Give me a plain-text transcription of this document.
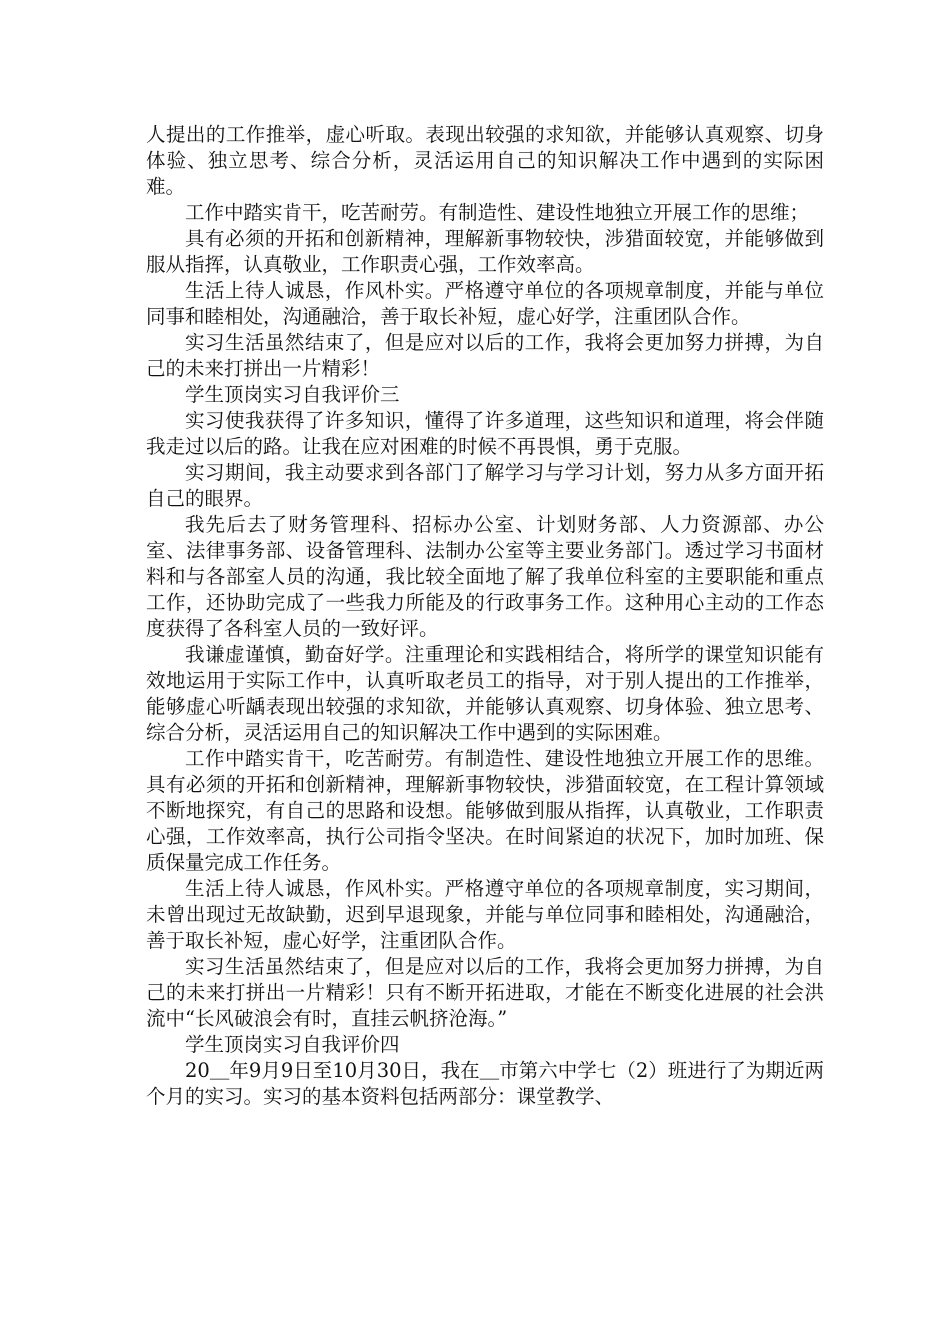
人提出的工作推举，虚心听取。表现出较强的求知欲，并能够认真观察、切身体验、独立思考、综合分析，灵活运用自己的知识解决工作中遇到的实际困难。

工作中踏实肯干，吃苦耐劳。有制造性、建设性地独立开展工作的思维；

具有必须的开拓和创新精神，理解新事物较快，涉猎面较宽，并能够做到服从指挥，认真敬业，工作职责心强，工作效率高。

生活上待人诚恳，作风朴实。严格遵守单位的各项规章制度，并能与单位同事和睦相处，沟通融洽，善于取长补短，虚心好学，注重团队合作。

实习生活虽然结束了，但是应对以后的工作，我将会更加努力拼搏，为自己的未来打拼出一片精彩！

学生顶岗实习自我评价三

实习使我获得了许多知识，懂得了许多道理，这些知识和道理，将会伴随我走过以后的路。让我在应对困难的时候不再畏惧，勇于克服。

实习期间，我主动要求到各部门了解学习与学习计划，努力从多方面开拓自己的眼界。

我先后去了财务管理科、招标办公室、计划财务部、人力资源部、办公室、法律事务部、设备管理科、法制办公室等主要业务部门。透过学习书面材料和与各部室人员的沟通，我比较全面地了解了我单位科室的主要职能和重点工作，还协助完成了一些我力所能及的行政事务工作。这种用心主动的工作态度获得了各科室人员的一致好评。

我谦虚谨慎，勤奋好学。注重理论和实践相结合，将所学的课堂知识能有效地运用于实际工作中，认真听取老员工的指导，对于别人提出的工作推举，能够虚心听龋表现出较强的求知欲，并能够认真观察、切身体验、独立思考、综合分析，灵活运用自己的知识解决工作中遇到的实际困难。

工作中踏实肯干，吃苦耐劳。有制造性、建设性地独立开展工作的思维。具有必须的开拓和创新精神，理解新事物较快，涉猎面较宽，在工程计算领域不断地探究，有自己的思路和设想。能够做到服从指挥，认真敬业，工作职责心强，工作效率高，执行公司指令坚决。在时间紧迫的状况下，加时加班、保质保量完成工作任务。

生活上待人诚恳，作风朴实。严格遵守单位的各项规章制度，实习期间，未曾出现过无故缺勤，迟到早退现象，并能与单位同事和睦相处，沟通融洽，善于取长补短，虚心好学，注重团队合作。

实习生活虽然结束了，但是应对以后的工作，我将会更加努力拼搏，为自己的未来打拼出一片精彩！只有不断开拓进取，才能在不断变化进展的社会洪流中“长风破浪会有时，直挂云帆挤沧海。”

学生顶岗实习自我评价四

20＿年9月9日至10月30日，我在＿市第六中学七（2）班进行了为期近两个月的实习。实习的基本资料包括两部分：课堂教学、
